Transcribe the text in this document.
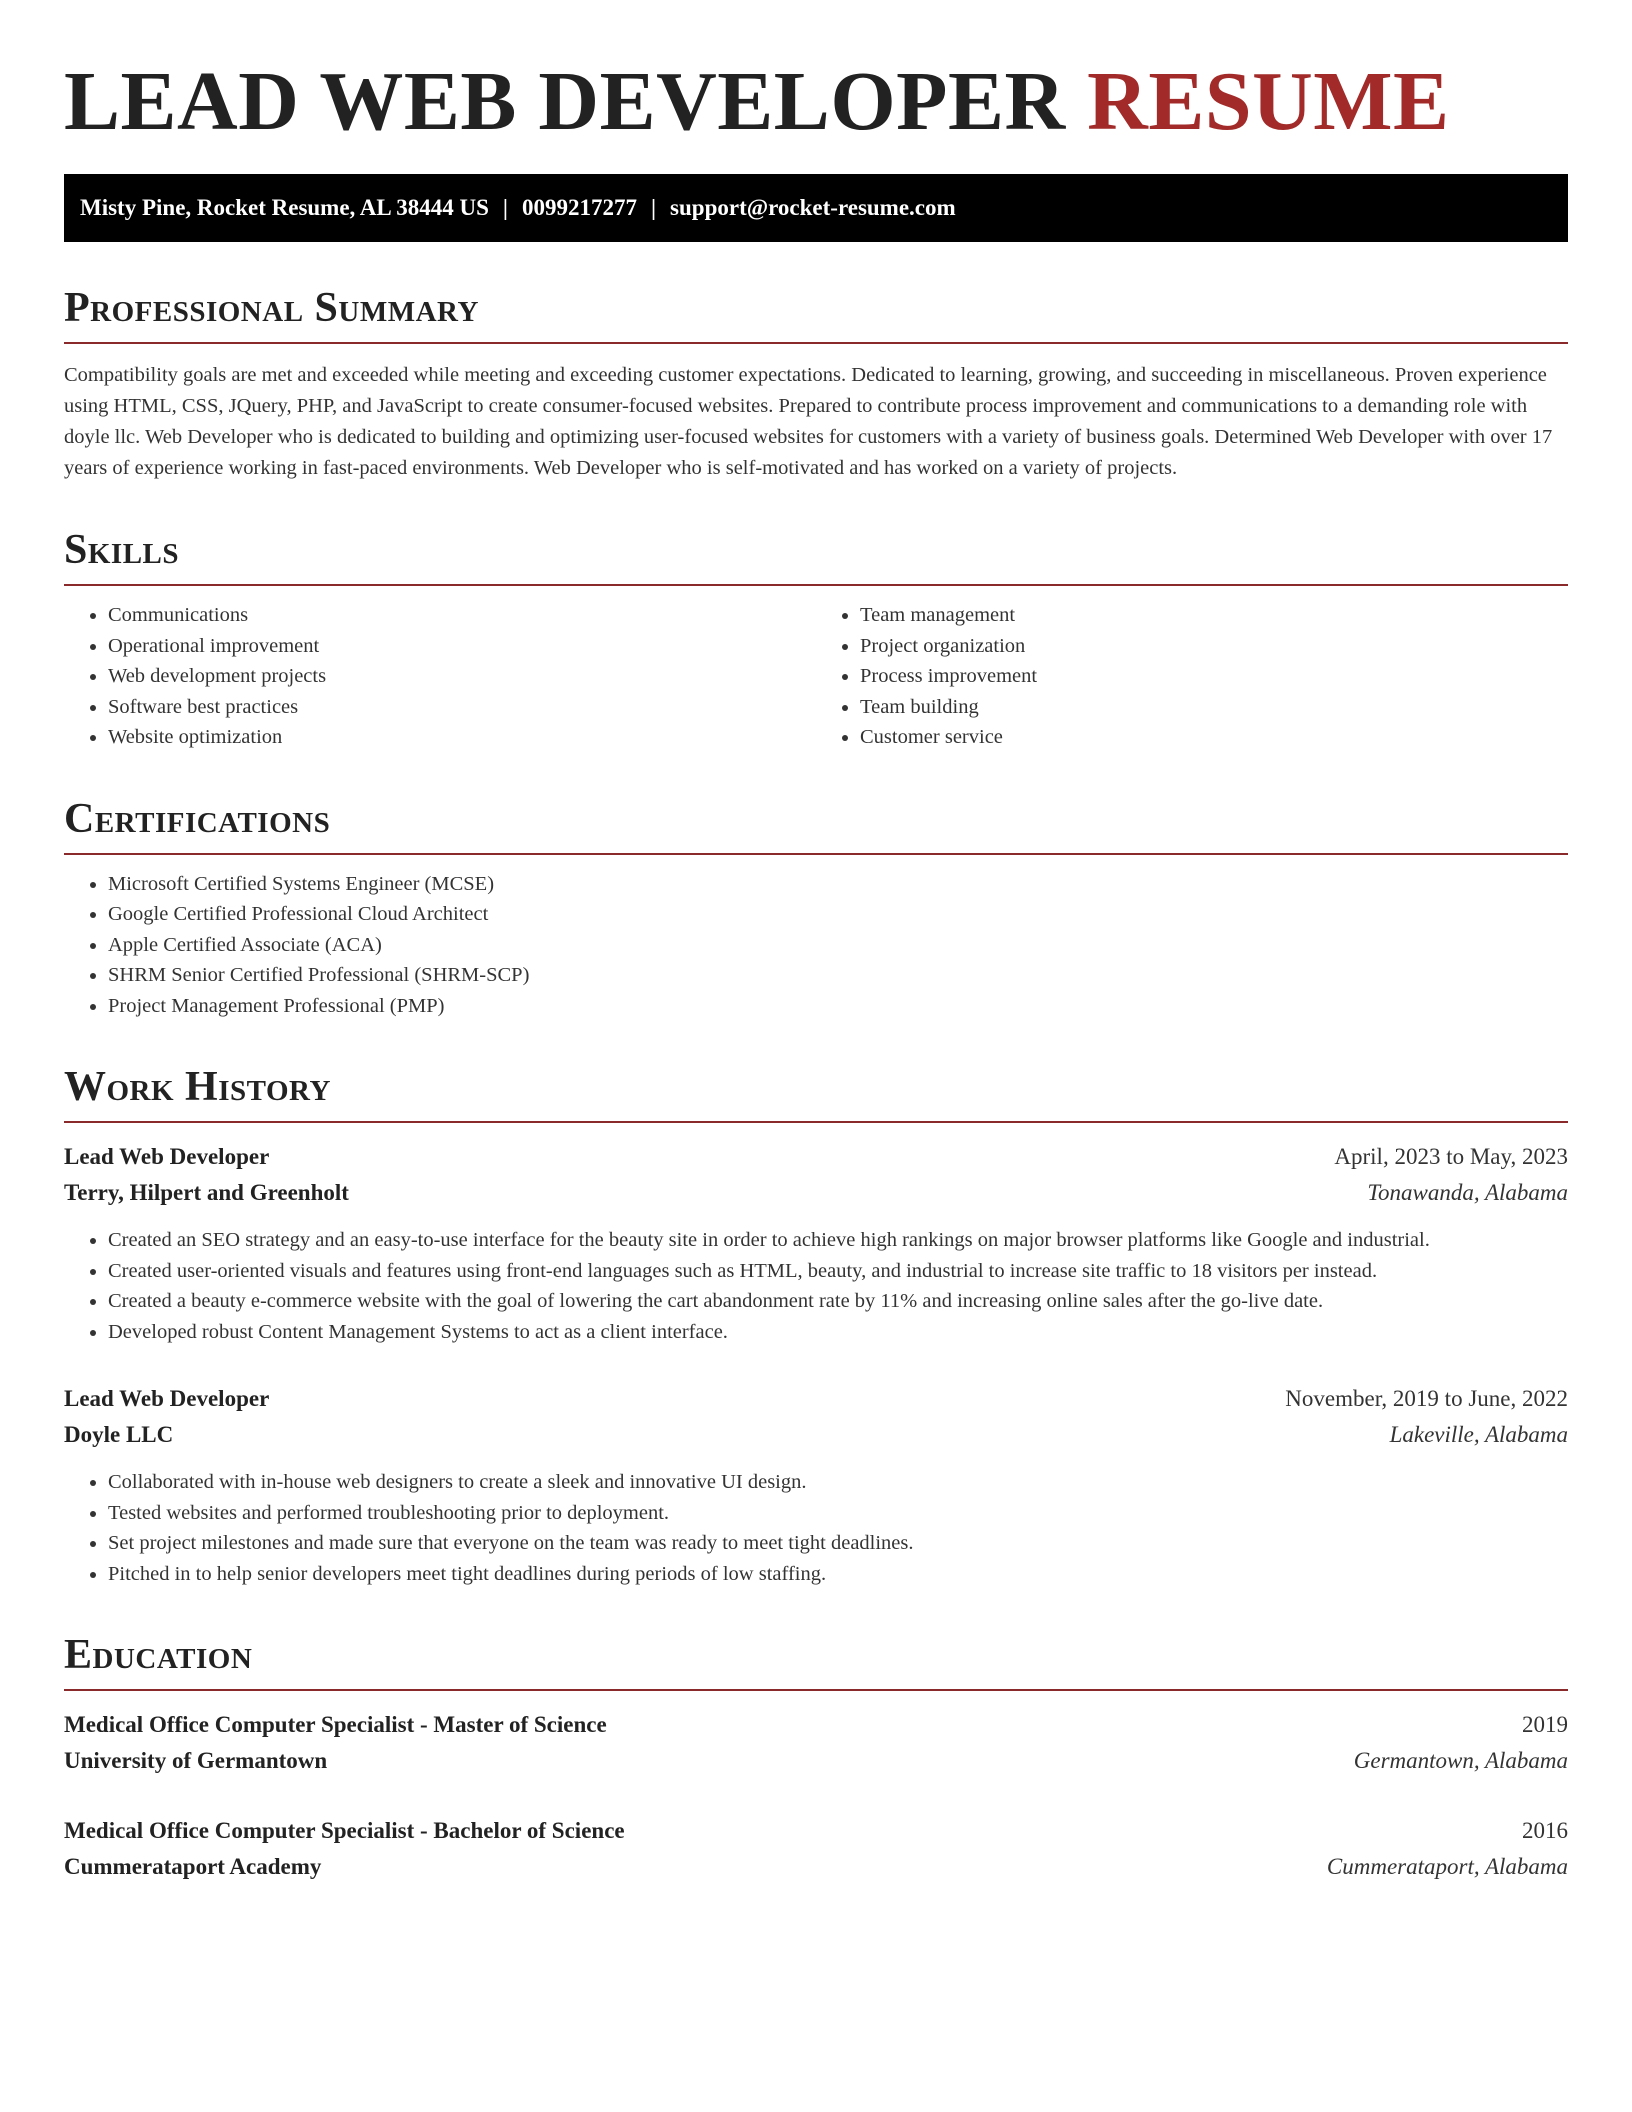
LEAD WEB DEVELOPER RESUME
Misty Pine, Rocket Resume, AL 38444 US | 0099217277 | support@rocket-resume.com
Professional Summary

Compatibility goals are met and exceeded while meeting and exceeding customer expectations. Dedicated to learning, growing, and succeeding in miscellaneous. Proven experience using HTML, CSS, JQuery, PHP, and JavaScript to create consumer-focused websites. Prepared to contribute process improvement and communications to a demanding role with doyle llc. Web Developer who is dedicated to building and optimizing user-focused websites for customers with a variety of business goals. Determined Web Developer with over 17 years of experience working in fast-paced environments. Web Developer who is self-motivated and has worked on a variety of projects.

Skills
• Communications
• Operational improvement
• Web development projects
• Software best practices
• Website optimization
• Team management
• Project organization
• Process improvement
• Team building
• Customer service
Certifications
• Microsoft Certified Systems Engineer (MCSE)
• Google Certified Professional Cloud Architect
• Apple Certified Associate (ACA)
• SHRM Senior Certified Professional (SHRM-SCP)
• Project Management Professional (PMP)
Work History
Lead Web Developer	April, 2023 to May, 2023
Terry, Hilpert and Greenholt	Tonawanda, Alabama
• Created an SEO strategy and an easy-to-use interface for the beauty site in order to achieve high rankings on major browser platforms like Google and industrial.
• Created user-oriented visuals and features using front-end languages such as HTML, beauty, and industrial to increase site traffic to 18 visitors per instead.
• Created a beauty e-commerce website with the goal of lowering the cart abandonment rate by 11% and increasing online sales after the go-live date.
• Developed robust Content Management Systems to act as a client interface.
Lead Web Developer	November, 2019 to June, 2022
Doyle LLC	Lakeville, Alabama
• Collaborated with in-house web designers to create a sleek and innovative UI design.
• Tested websites and performed troubleshooting prior to deployment.
• Set project milestones and made sure that everyone on the team was ready to meet tight deadlines.
• Pitched in to help senior developers meet tight deadlines during periods of low staffing.
Education
Medical Office Computer Specialist - Master of Science	2019
University of Germantown	Germantown, Alabama
Medical Office Computer Specialist - Bachelor of Science	2016
Cummerataport Academy	Cummerataport, Alabama
